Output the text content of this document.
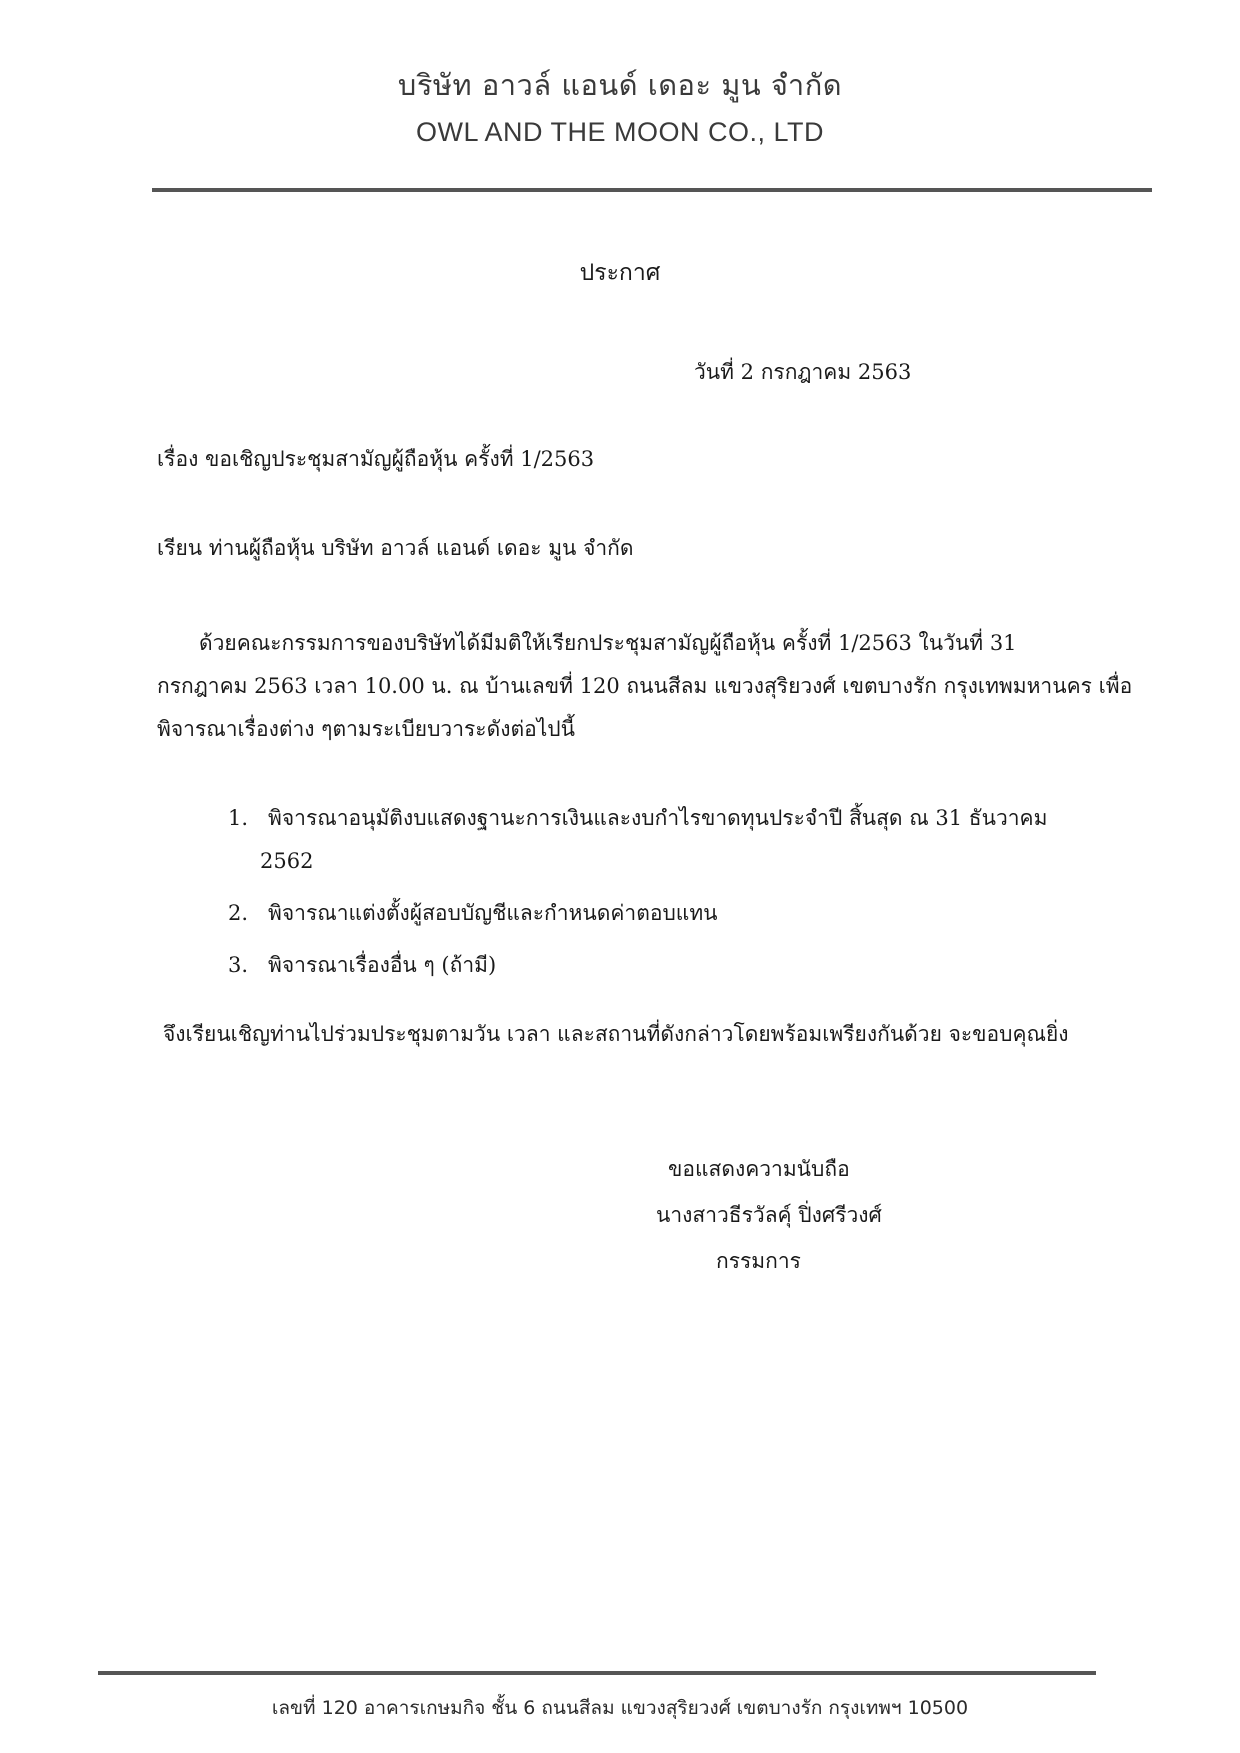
บริษัท อาวล์ แอนด์ เดอะ มูน จำกัด
OWL AND THE MOON CO., LTD
ประกาศ
วันที่ 2 กรกฎาคม 2563
เรื่อง ขอเชิญประชุมสามัญผู้ถือหุ้น ครั้งที่ 1/2563
เรียน ท่านผู้ถือหุ้น บริษัท อาวล์ แอนด์ เดอะ มูน จำกัด
ด้วยคณะกรรมการของบริษัทได้มีมติให้เรียกประชุมสามัญผู้ถือหุ้น ครั้งที่ 1/2563 ในวันที่ 31
กรกฎาคม 2563 เวลา 10.00 น. ณ บ้านเลขที่ 120 ถนนสีลม แขวงสุริยวงศ์ เขตบางรัก กรุงเทพมหานคร เพื่อ
พิจารณาเรื่องต่าง ๆตามระเบียบวาระดังต่อไปนี้
1. พิจารณาอนุมัติงบแสดงฐานะการเงินและงบกำไรขาดทุนประจำปี สิ้นสุด ณ 31 ธันวาคม
2562
2. พิจารณาแต่งตั้งผู้สอบบัญชีและกำหนดค่าตอบแทน
3. พิจารณาเรื่องอื่น ๆ (ถ้ามี)
จึงเรียนเชิญท่านไปร่วมประชุมตามวัน เวลา และสถานที่ดังกล่าวโดยพร้อมเพรียงกันด้วย จะขอบคุณยิ่ง
ขอแสดงความนับถือ
นางสาวธีรวัลคุ์ ปิ่งศรีวงศ์
กรรมการ
เลขที่ 120 อาคารเกษมกิจ ชั้น 6 ถนนสีลม แขวงสุริยวงศ์ เขตบางรัก กรุงเทพฯ 10500
